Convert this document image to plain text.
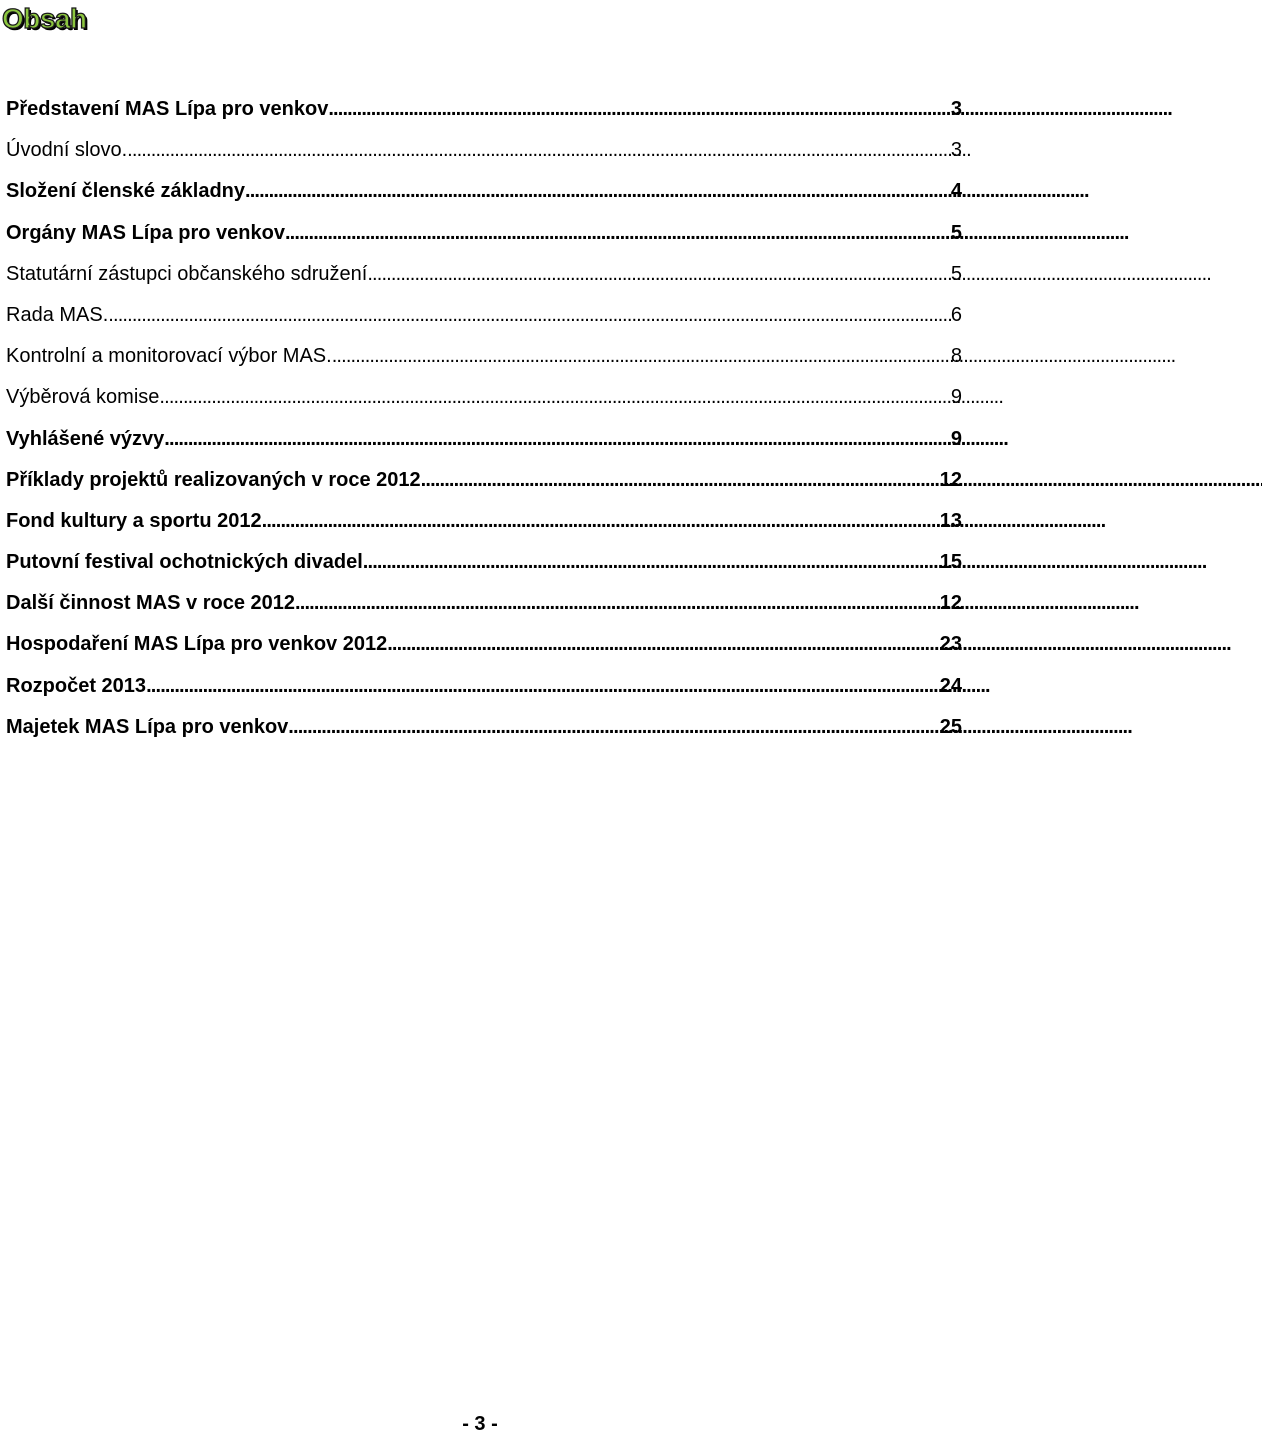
Obsah
Představení MAS Lípa pro venkov . . .	3
Úvodní slovo. . . .	3
Složení členské základny . . .	4
Orgány MAS Lípa pro venkov . . .	5
Statutární zástupci občanského sdružení . . .	5
Rada MAS. . . .	6
Kontrolní a monitorovací výbor MAS. . . .	8
Výběrová komise . . .	9
Vyhlášené výzvy . . .	9
Příklady projektů realizovaných v roce 2012 . . .	12
Fond kultury a sportu 2012 . . .	13
Putovní festival ochotnických divadel . . .	15
Další činnost MAS v roce 2012 . . .	12
Hospodaření MAS Lípa pro venkov 2012 . . .	23
Rozpočet 2013 . . .	24
Majetek MAS Lípa pro venkov . . .	25

- 3 -
